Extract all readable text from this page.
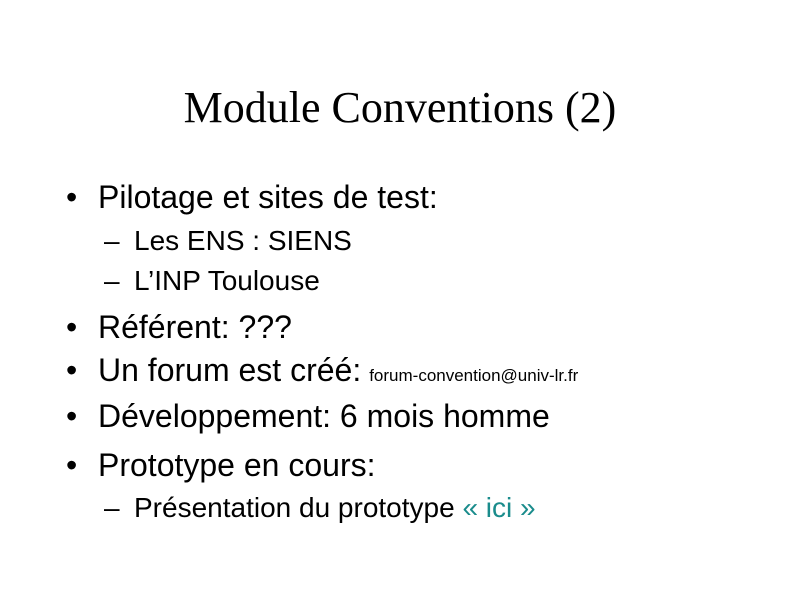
Module Conventions (2)
• Pilotage et sites de test:
– Les ENS : SIENS
– L’INP Toulouse
• Référent: ???
• Un forum est créé: forum-convention@univ-lr.fr
• Développement: 6 mois homme
• Prototype en cours:
– Présentation du prototype « ici »
